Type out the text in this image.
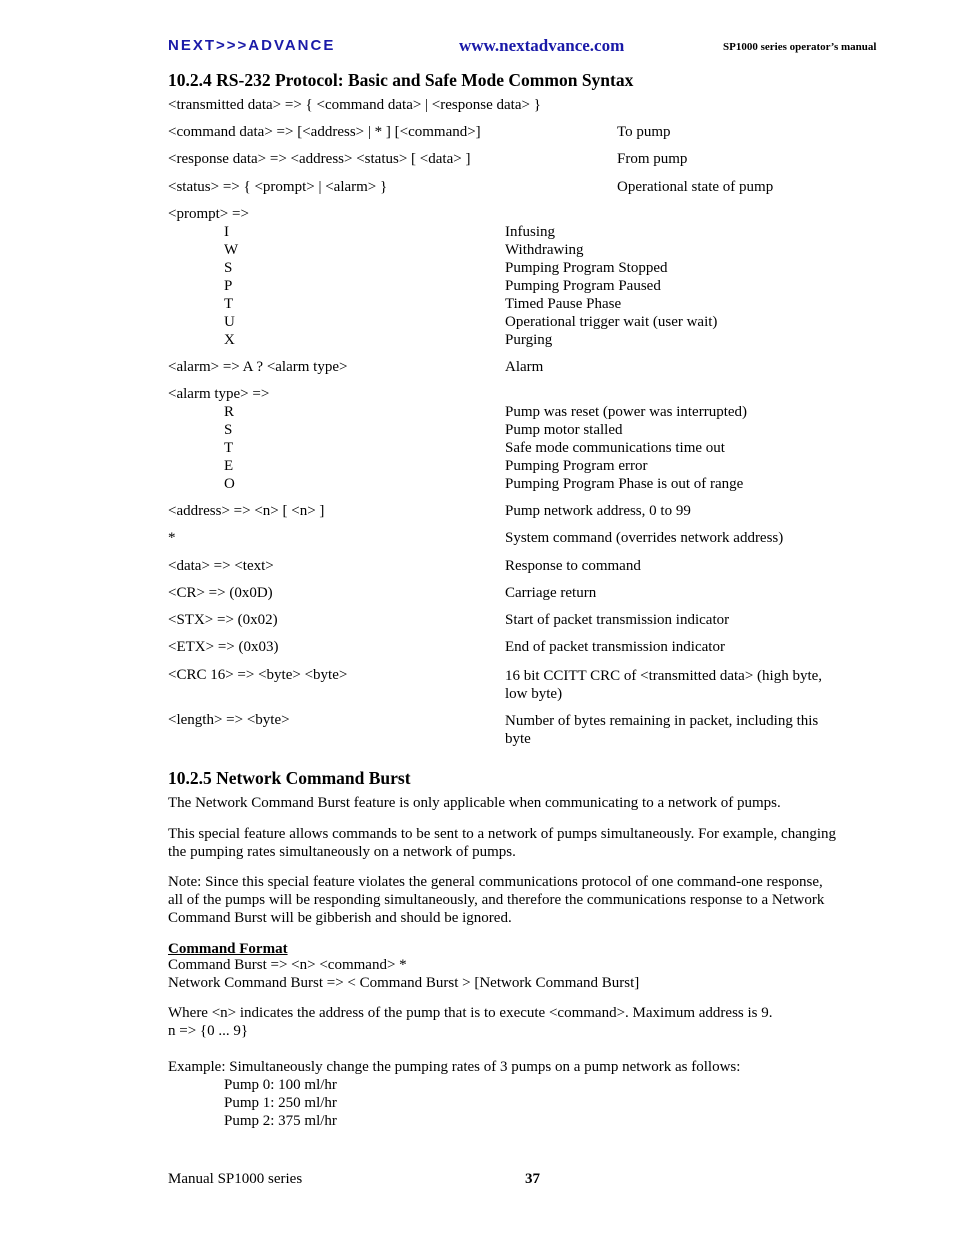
NEXT>>>ADVANCE	www.nextadvance.com	SP1000 series operator’s manual
10.2.4 RS-232 Protocol: Basic and Safe Mode Common Syntax
<transmitted data> => { <command data> | <response data> }
<command data> => [<address> | * ] [<command>]	To pump
<response data> => <address> <status> [ <data> ]	From pump
<status> => { <prompt> | <alarm> }	Operational state of pump
<prompt> =>
I	Infusing
W	Withdrawing
S	Pumping Program Stopped
P	Pumping Program Paused
T	Timed Pause Phase
U	Operational trigger wait (user wait)
X	Purging
<alarm> => A ? <alarm type>	Alarm
<alarm type> =>
R	Pump was reset (power was interrupted)
S	Pump motor stalled
T	Safe mode communications time out
E	Pumping Program error
O	Pumping Program Phase is out of range
<address> => <n> [ <n> ]	Pump network address, 0 to 99
*	System command (overrides network address)
<data> => <text>	Response to command
<CR> => (0x0D)	Carriage return
<STX> => (0x02)	Start of packet transmission indicator
<ETX> => (0x03)	End of packet transmission indicator
<CRC 16> => <byte> <byte>	16 bit CCITT CRC of <transmitted data> (high byte, low byte)
<length> => <byte>	Number of bytes remaining in packet, including this byte
10.2.5 Network Command Burst
The Network Command Burst feature is only applicable when communicating to a network of pumps.
This special feature allows commands to be sent to a network of pumps simultaneously. For example, changing the pumping rates simultaneously on a network of pumps.
Note: Since this special feature violates the general communications protocol of one command-one response, all of the pumps will be responding simultaneously, and therefore the communications response to a Network Command Burst will be gibberish and should be ignored.
Command Format
Command Burst => <n> <command> *
Network Command Burst => < Command Burst > [Network Command Burst]
Where <n> indicates the address of the pump that is to execute <command>. Maximum address is 9.
n => {0 ... 9}
Example: Simultaneously change the pumping rates of 3 pumps on a pump network as follows:
Pump 0: 100 ml/hr
Pump 1: 250 ml/hr
Pump 2: 375 ml/hr
Manual SP1000 series	37
